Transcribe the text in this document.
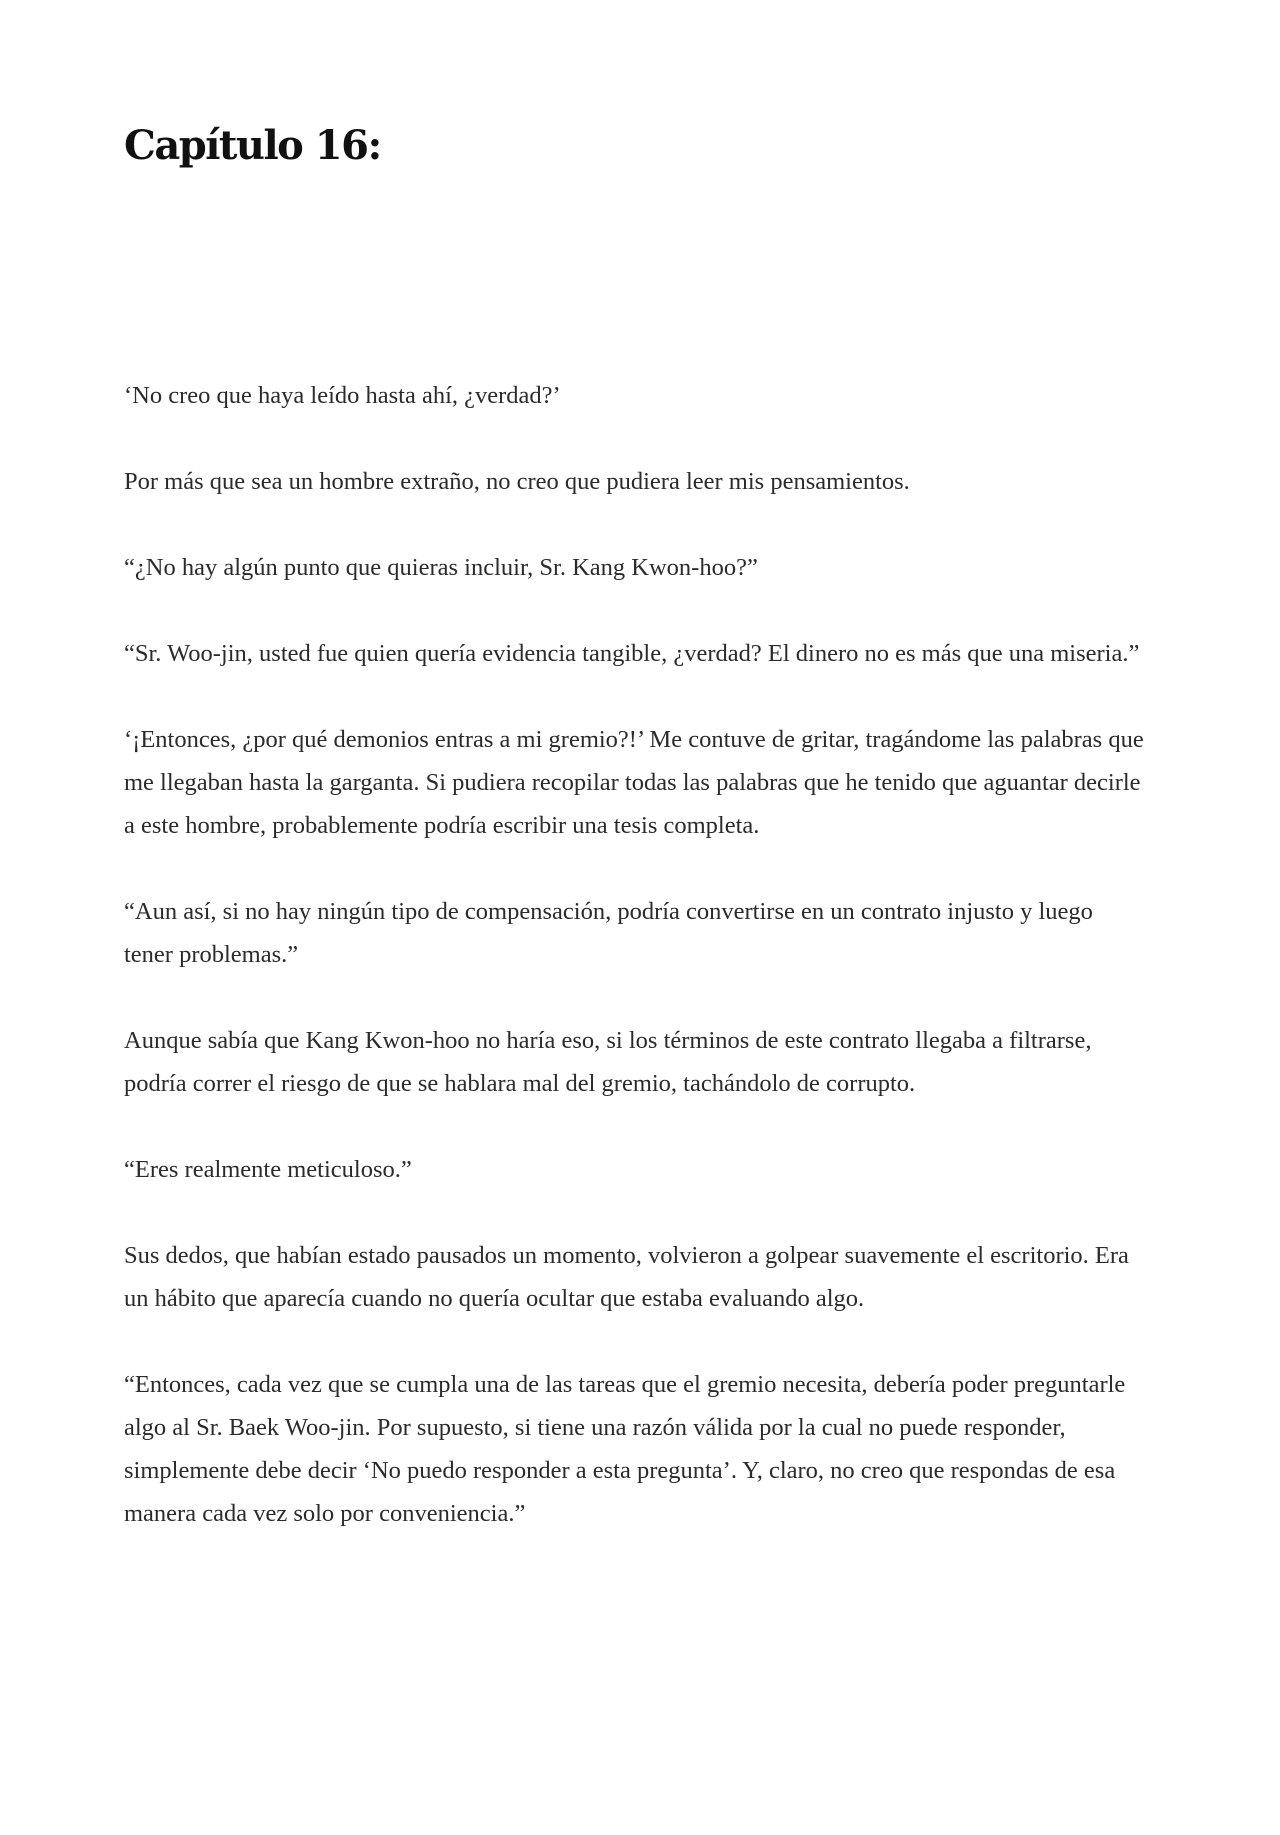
Capítulo 16:

‘No creo que haya leído hasta ahí, ¿verdad?’

Por más que sea un hombre extraño, no creo que pudiera leer mis pensamientos.

“¿No hay algún punto que quieras incluir, Sr. Kang Kwon-hoo?”

“Sr. Woo-jin, usted fue quien quería evidencia tangible, ¿verdad? El dinero no es más que una miseria.”

‘¡Entonces, ¿por qué demonios entras a mi gremio?!’ Me contuve de gritar, tragándome las palabras que me llegaban hasta la garganta. Si pudiera recopilar todas las palabras que he tenido que aguantar decirle a este hombre, probablemente podría escribir una tesis completa.

“Aun así, si no hay ningún tipo de compensación, podría convertirse en un contrato injusto y luego tener problemas.”

Aunque sabía que Kang Kwon-hoo no haría eso, si los términos de este contrato llegaba a filtrarse, podría correr el riesgo de que se hablara mal del gremio, tachándolo de corrupto.

“Eres realmente meticuloso.”

Sus dedos, que habían estado pausados un momento, volvieron a golpear suavemente el escritorio. Era un hábito que aparecía cuando no quería ocultar que estaba evaluando algo.

“Entonces, cada vez que se cumpla una de las tareas que el gremio necesita, debería poder preguntarle algo al Sr. Baek Woo-jin. Por supuesto, si tiene una razón válida por la cual no puede responder, simplemente debe decir ‘No puedo responder a esta pregunta’. Y, claro, no creo que respondas de esa manera cada vez solo por conveniencia.”
